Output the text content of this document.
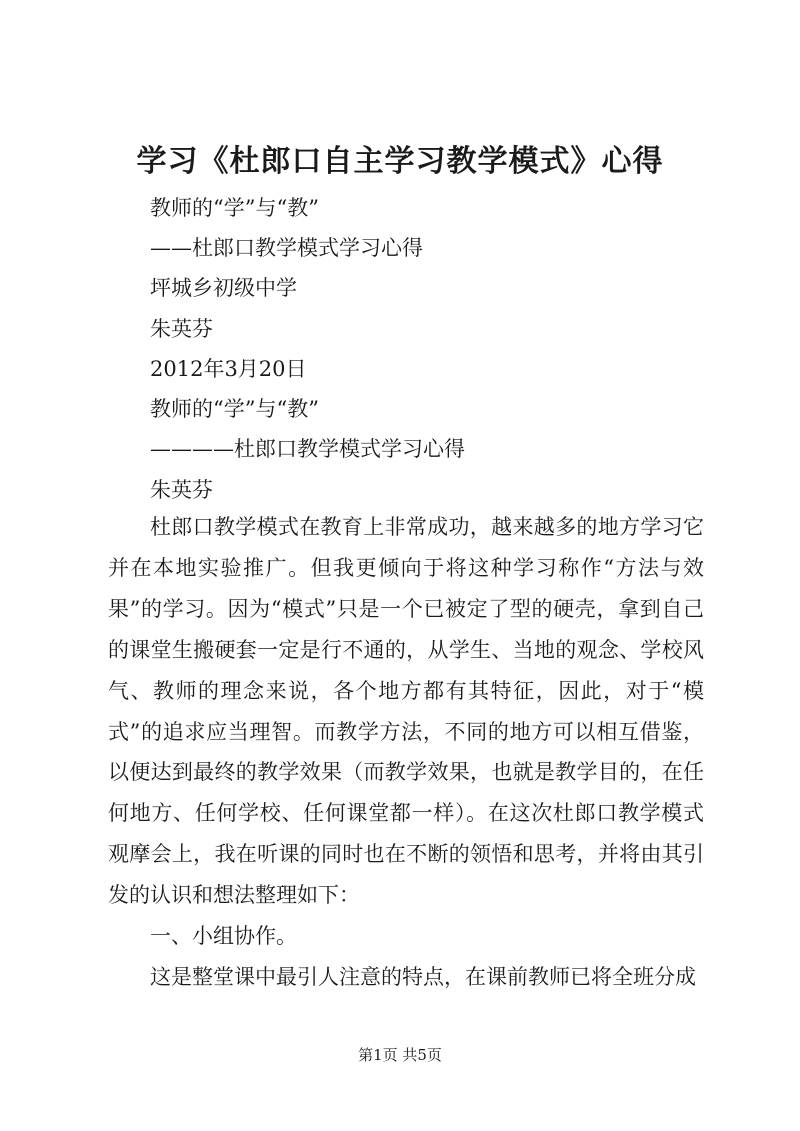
学习《杜郎口自主学习教学模式》心得
教师的“学”与“教”
——杜郎口教学模式学习心得
坪城乡初级中学
朱英芬
2012年3月20日
教师的“学”与“教”
————杜郎口教学模式学习心得
朱英芬
杜郎口教学模式在教育上非常成功，越来越多的地方学习它并在本地实验推广。但我更倾向于将这种学习称作“方法与效果”的学习。因为“模式”只是一个已被定了型的硬壳，拿到自己的课堂生搬硬套一定是行不通的，从学生、当地的观念、学校风气、教师的理念来说，各个地方都有其特征，因此，对于“模式”的追求应当理智。而教学方法，不同的地方可以相互借鉴，以便达到最终的教学效果（而教学效果，也就是教学目的，在任何地方、任何学校、任何课堂都一样）。在这次杜郎口教学模式观摩会上，我在听课的同时也在不断的领悟和思考，并将由其引发的认识和想法整理如下：
一、小组协作。
这是整堂课中最引人注意的特点，在课前教师已将全班分成
第1页 共5页
